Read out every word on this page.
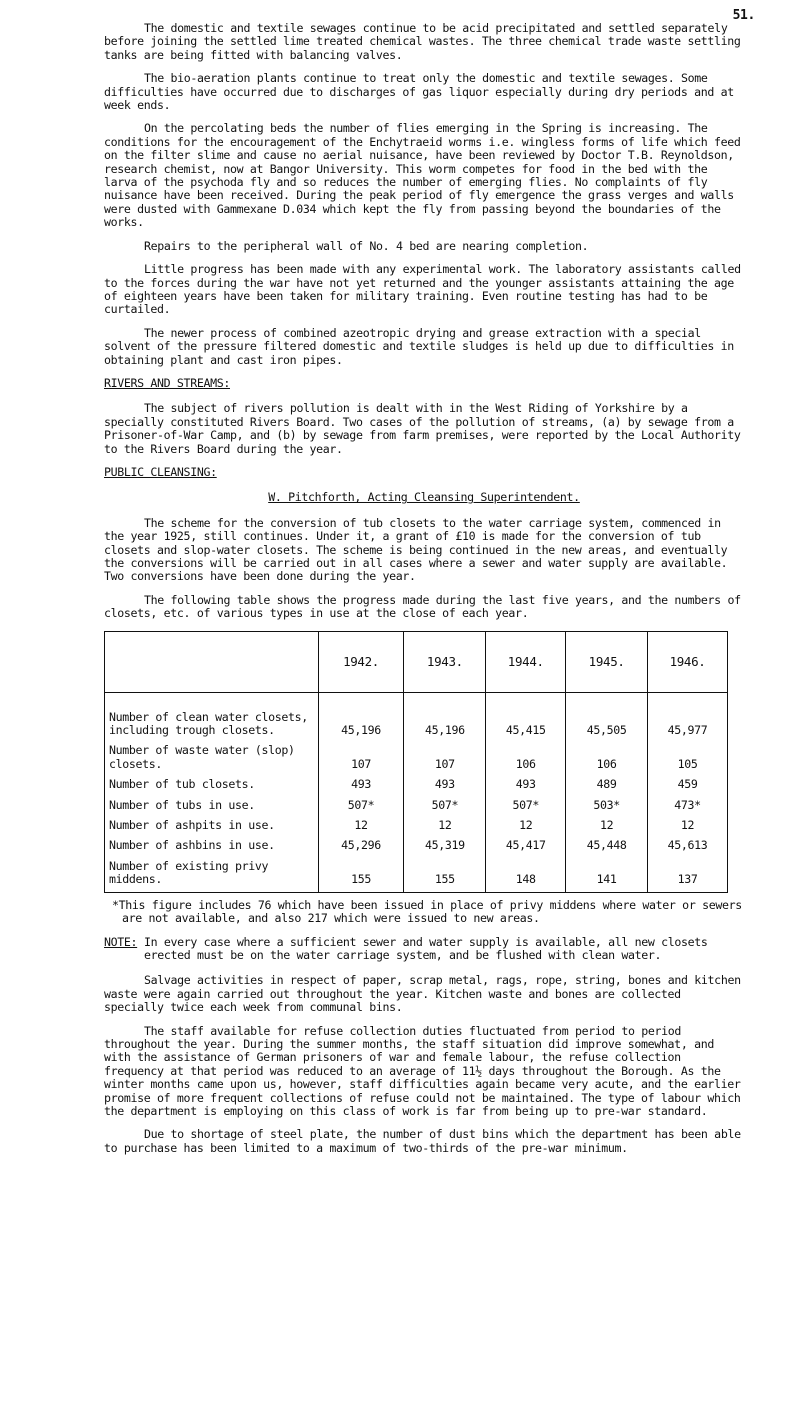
51.

The domestic and textile sewages continue to be acid precipitated and settled separately before joining the settled lime treated chemical wastes. The three chemical trade waste settling tanks are being fitted with balancing valves.

The bio-aeration plants continue to treat only the domestic and textile sewages. Some difficulties have occurred due to discharges of gas liquor especially during dry periods and at week ends.

On the percolating beds the number of flies emerging in the Spring is increasing. The conditions for the encouragement of the Enchytraeid worms i.e. wingless forms of life which feed on the filter slime and cause no aerial nuisance, have been reviewed by Doctor T.B. Reynoldson, research chemist, now at Bangor University. This worm competes for food in the bed with the larva of the psychoda fly and so reduces the number of emerging flies. No complaints of fly nuisance have been received. During the peak period of fly emergence the grass verges and walls were dusted with Gammexane D.034 which kept the fly from passing beyond the boundaries of the works.

Repairs to the peripheral wall of No. 4 bed are nearing completion.

Little progress has been made with any experimental work. The laboratory assistants called to the forces during the war have not yet returned and the younger assistants attaining the age of eighteen years have been taken for military training. Even routine testing has had to be curtailed.

The newer process of combined azeotropic drying and grease extraction with a special solvent of the pressure filtered domestic and textile sludges is held up due to difficulties in obtaining plant and cast iron pipes.

RIVERS AND STREAMS:

The subject of rivers pollution is dealt with in the West Riding of Yorkshire by a specially constituted Rivers Board. Two cases of the pollution of streams, (a) by sewage from a Prisoner-of-War Camp, and (b) by sewage from farm premises, were reported by the Local Authority to the Rivers Board during the year.

PUBLIC CLEANSING:
W. Pitchforth, Acting Cleansing Superintendent.

The scheme for the conversion of tub closets to the water carriage system, commenced in the year 1925, still continues. Under it, a grant of £10 is made for the conversion of tub closets and slop-water closets. The scheme is being continued in the new areas, and eventually the conversions will be carried out in all cases where a sewer and water supply are available. Two conversions have been done during the year.

The following table shows the progress made during the last five years, and the numbers of closets, etc. of various types in use at the close of each year.

	1942.	1943.	1944.	1945.	1946.
Number of clean water closets, including trough closets.	45,196	45,196	45,415	45,505	45,977
Number of waste water (slop) closets.	107	107	106	106	105
Number of tub closets.	493	493	493	489	459
Number of tubs in use.	507*	507*	507*	503*	473*
Number of ashpits in use.	12	12	12	12	12
Number of ashbins in use.	45,296	45,319	45,417	45,448	45,613
Number of existing privy middens.	155	155	148	141	137

*This figure includes 76 which have been issued in place of privy middens where water or sewers are not available, and also 217 which were issued to new areas.

NOTE: In every case where a sufficient sewer and water supply is available, all new closets erected must be on the water carriage system, and be flushed with clean water.

Salvage activities in respect of paper, scrap metal, rags, rope, string, bones and kitchen waste were again carried out throughout the year. Kitchen waste and bones are collected specially twice each week from communal bins.

The staff available for refuse collection duties fluctuated from period to period throughout the year. During the summer months, the staff situation did improve somewhat, and with the assistance of German prisoners of war and female labour, the refuse collection frequency at that period was reduced to an average of 11½ days throughout the Borough. As the winter months came upon us, however, staff difficulties again became very acute, and the earlier promise of more frequent collections of refuse could not be maintained. The type of labour which the department is employing on this class of work is far from being up to pre-war standard.

Due to shortage of steel plate, the number of dust bins which the department has been able to purchase has been limited to a maximum of two-thirds of the pre-war minimum.
